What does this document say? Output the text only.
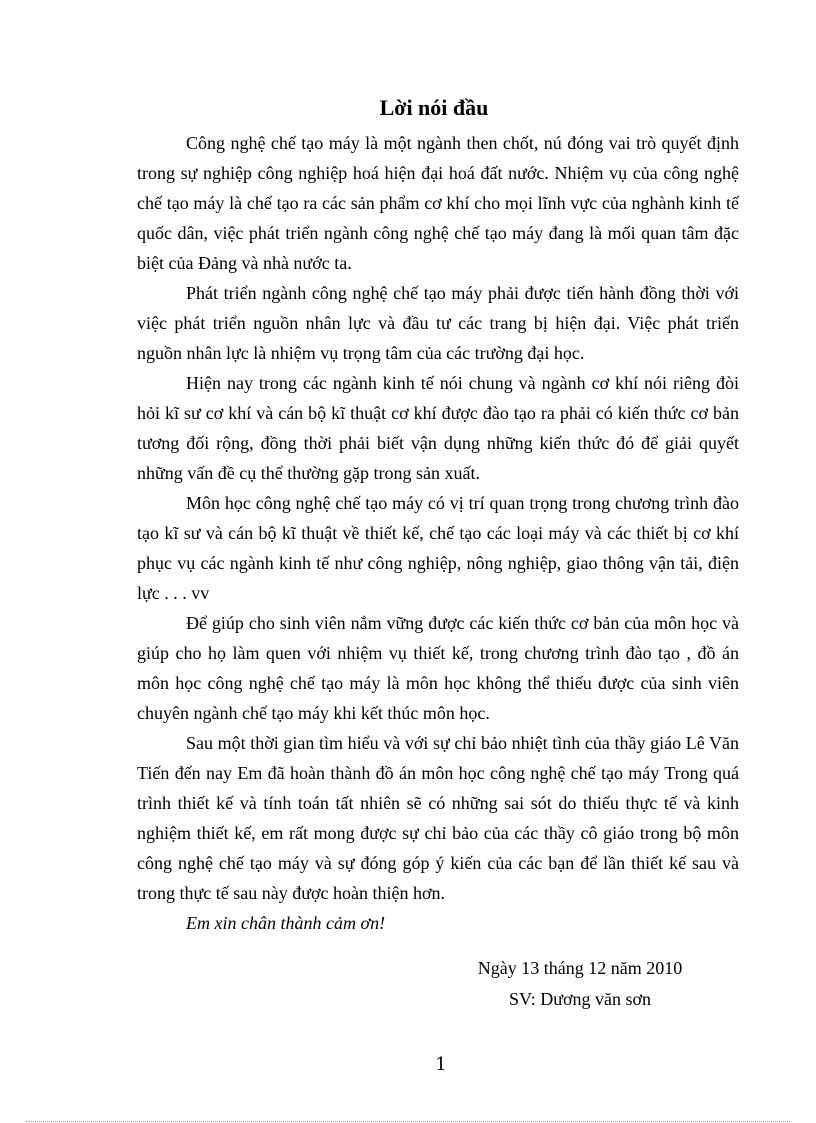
Lời nói đầu

Công nghệ chế tạo máy là một ngành then chốt, nú đóng vai trò quyết định trong sự nghiệp công nghiệp hoá hiện đại hoá đất nước. Nhiệm vụ của công nghệ chế tạo máy là chế tạo ra các sản phẩm cơ khí cho mọi lĩnh vực của nghành kinh tế quốc dân, việc phát triển ngành công nghệ chế tạo máy đang là mối quan tâm đặc biệt của Đảng và nhà nước ta.

Phát triển ngành công nghệ chế tạo máy phải được tiến hành đồng thời với việc phát triển nguồn nhân lực và đầu tư các trang bị hiện đại. Việc phát triển nguồn nhân lực là nhiệm vụ trọng tâm của các trường đại học.

Hiện nay trong các ngành kinh tế nói chung và ngành cơ khí nói riêng đòi hỏi kĩ sư cơ khí và cán bộ kĩ thuật cơ khí được đào tạo ra phải có kiến thức cơ bản tương đối rộng, đồng thời phải biết vận dụng những kiến thức đó để giải quyết những vấn đề cụ thể thường gặp trong sản xuất.

Môn học công nghệ chế tạo máy có vị trí quan trọng trong chương trình đào tạo kĩ sư và cán bộ kĩ thuật về thiết kế, chế tạo các loại máy và các thiết bị cơ khí phục vụ các ngành kinh tế như công nghiệp, nông nghiệp, giao thông vận tải, điện lực . . . vv

Để giúp cho sinh viên nắm vững được các kiến thức cơ bản của môn học và giúp cho họ làm quen với nhiệm vụ thiết kế, trong chương trình đào tạo , đồ án môn học công nghệ chế tạo máy là môn học không thể thiếu được của sinh viên chuyên ngành chế tạo máy khi kết thúc môn học.

Sau một thời gian tìm hiểu và với sự chỉ bảo nhiệt tình của thầy giáo Lê Văn Tiến đến nay Em đã hoàn thành đồ án môn học công nghệ chế tạo máy Trong quá trình thiết kế và tính toán tất nhiên sẽ có những sai sót do thiếu thực tế và kinh nghiệm thiết kế, em rất mong được sự chỉ bảo của các thầy cô giáo trong bộ môn công nghệ chế tạo máy và sự đóng góp ý kiến của các bạn để lần thiết kế sau và trong thực tế sau này được hoàn thiện hơn.

Em xin chân thành cảm ơn!

Ngày 13 tháng 12 năm 2010
SV: Dương văn sơn
1
